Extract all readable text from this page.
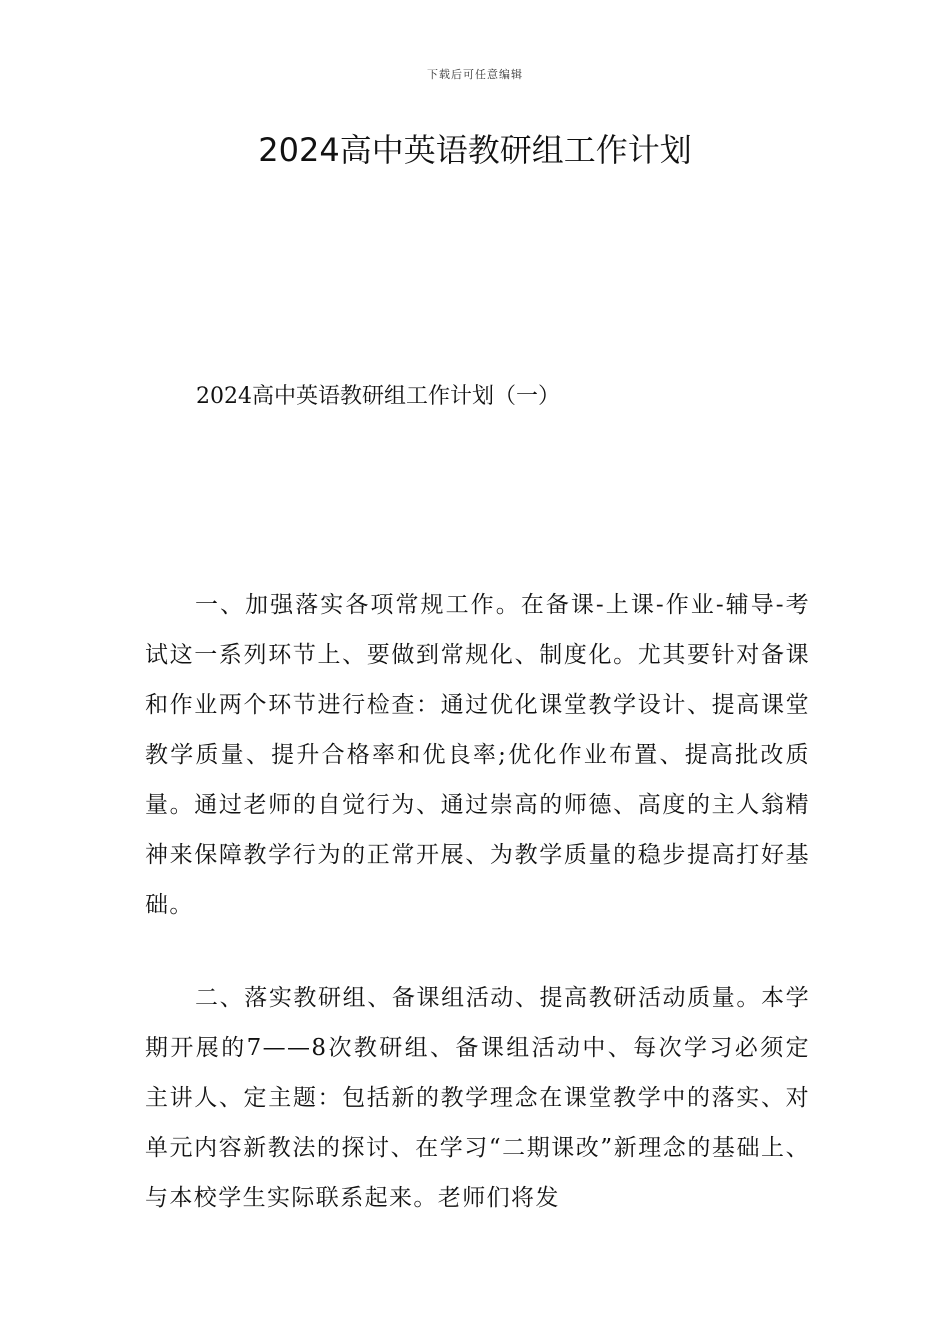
下载后可任意编辑
2024高中英语教研组工作计划
2024高中英语教研组工作计划（一）

一、加强落实各项常规工作。在备课-上课-作业-辅导-考试这一系列环节上、要做到常规化、制度化。尤其要针对备课和作业两个环节进行检查：通过优化课堂教学设计、提高课堂教学质量、提升合格率和优良率;优化作业布置、提高批改质量。通过老师的自觉行为、通过崇高的师德、高度的主人翁精神来保障教学行为的正常开展、为教学质量的稳步提高打好基础。

二、落实教研组、备课组活动、提高教研活动质量。本学期开展的7——8次教研组、备课组活动中、每次学习必须定主讲人、定主题：包括新的教学理念在课堂教学中的落实、对单元内容新教法的探讨、在学习“二期课改”新理念的基础上、与本校学生实际联系起来。老师们将发
